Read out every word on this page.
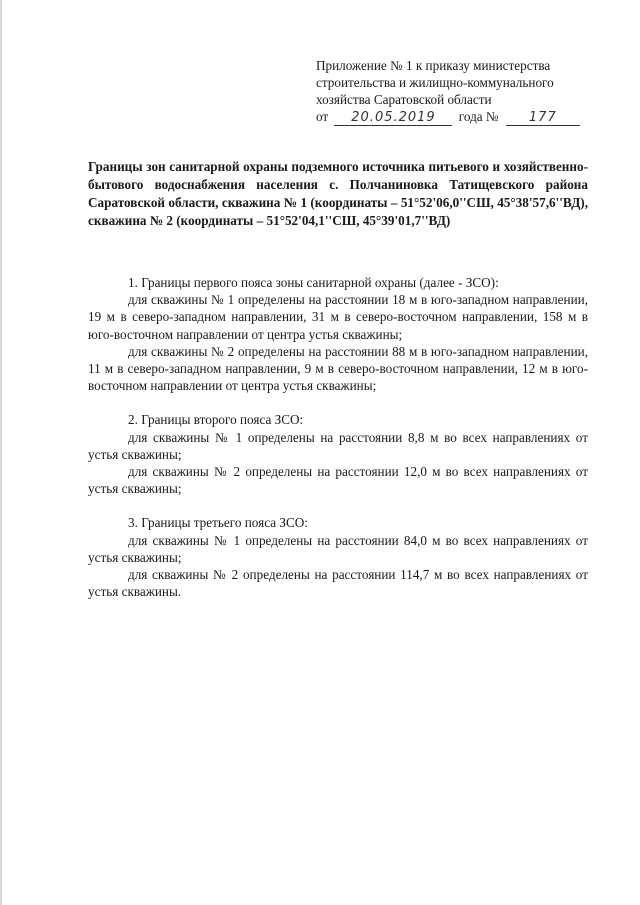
Приложение № 1 к приказу министерства
строительства и жилищно-коммунального
хозяйства Саратовской области
от 20.05.2019 года № 177
Границы зон санитарной охраны подземного источника питьевого и хозяйственно-бытового водоснабжения населения с. Полчаниновка Татищевского района Саратовской области, скважина № 1 (координаты – 51°52'06,0''СШ, 45°38'57,6''ВД), скважина № 2 (координаты – 51°52'04,1''СШ, 45°39'01,7''ВД)
1. Границы первого пояса зоны санитарной охраны (далее - ЗСО):
для скважины № 1 определены на расстоянии 18 м в юго-западном направлении, 19 м в северо-западном направлении, 31 м в северо-восточном направлении, 158 м в юго-восточном направлении от центра устья скважины;
для скважины № 2 определены на расстоянии 88 м в юго-западном направлении, 11 м в северо-западном направлении, 9 м в северо-восточном направлении, 12 м в юго-восточном направлении от центра устья скважины;
2. Границы второго пояса ЗСО:
для скважины № 1 определены на расстоянии 8,8 м во всех направлениях от устья скважины;
для скважины № 2 определены на расстоянии 12,0 м во всех направлениях от устья скважины;
3. Границы третьего пояса ЗСО:
для скважины № 1 определены на расстоянии 84,0 м во всех направлениях от устья скважины;
для скважины № 2 определены на расстоянии 114,7 м во всех направлениях от устья скважины.
